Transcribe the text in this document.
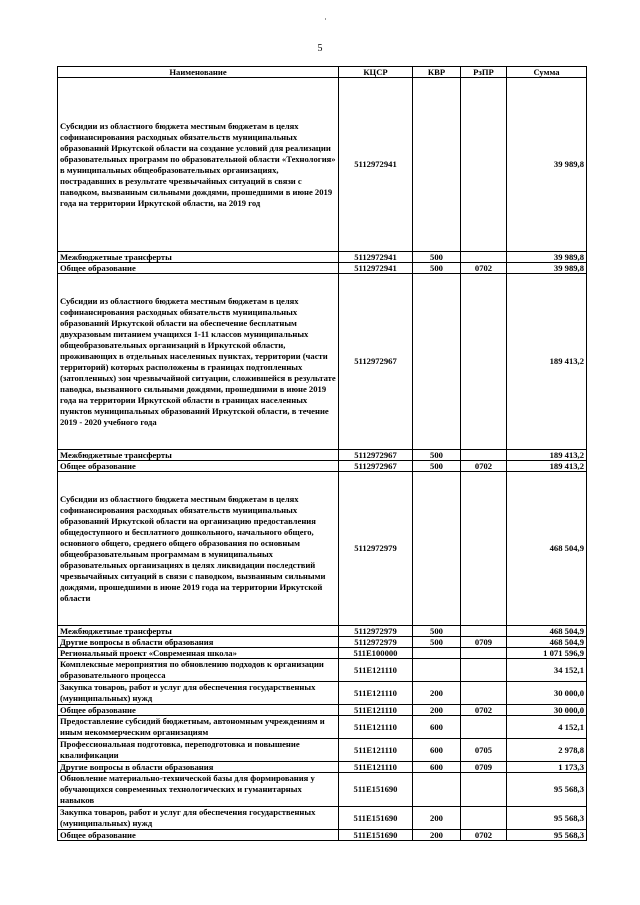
5
Наименование	КЦСР	КВР	РзПР	Сумма
Субсидии из областного бюджета местным бюджетам в целях софинансирования расходных обязательств муниципальных образований Иркутской области на создание условий для реализации образовательных программ по образовательной области «Технология» в муниципальных общеобразовательных организациях, пострадавших в результате чрезвычайных ситуаций в связи с паводком, вызванным сильными дождями, прошедшими в июне 2019 года на территории Иркутской области, на 2019 год	5112972941			39 989,8
Межбюджетные трансферты	5112972941	500		39 989,8
Общее образование	5112972941	500	0702	39 989,8
Субсидии из областного бюджета местным бюджетам в целях софинансирования расходных обязательств муниципальных образований Иркутской области на обеспечение бесплатным двухразовым питанием учащихся 1-11 классов муниципальных общеобразовательных организаций в Иркутской области, проживающих в отдельных населенных пунктах, территории (части территорий) которых расположены в границах подтопленных (затопленных) зон чрезвычайной ситуации, сложившейся в результате паводка, вызванного сильными дождями, прошедшими в июне 2019 года на территории Иркутской области в границах населенных пунктов муниципальных образований Иркутской области, в течение 2019 - 2020 учебного года	5112972967			189 413,2
Межбюджетные трансферты	5112972967	500		189 413,2
Общее образование	5112972967	500	0702	189 413,2
Субсидии из областного бюджета местным бюджетам в целях софинансирования расходных обязательств муниципальных образований Иркутской области на организацию предоставления общедоступного и бесплатного дошкольного, начального общего, основного общего, среднего общего образования по основным общеобразовательным программам в муниципальных образовательных организациях в целях ликвидации последствий чрезвычайных ситуаций в связи с паводком, вызванным сильными дождями, прошедшими в июне 2019 года на территории Иркутской области	5112972979			468 504,9
Межбюджетные трансферты	5112972979	500		468 504,9
Другие вопросы в области образования	5112972979	500	0709	468 504,9
Региональный проект «Современная школа»	511E100000			1 071 596,9
Комплексные мероприятия по обновлению подходов к организации образовательного процесса	511E121110			34 152,1
Закупка товаров, работ и услуг для обеспечения государственных (муниципальных) нужд	511E121110	200		30 000,0
Общее образование	511E121110	200	0702	30 000,0
Предоставление субсидий бюджетным, автономным учреждениям и иным некоммерческим организациям	511E121110	600		4 152,1
Профессиональная подготовка, переподготовка и повышение квалификации	511E121110	600	0705	2 978,8
Другие вопросы в области образования	511E121110	600	0709	1 173,3
Обновление материально-технической базы для формирования у обучающихся современных технологических и гуманитарных навыков	511E151690			95 568,3
Закупка товаров, работ и услуг для обеспечения государственных (муниципальных) нужд	511E151690	200		95 568,3
Общее образование	511E151690	200	0702	95 568,3
